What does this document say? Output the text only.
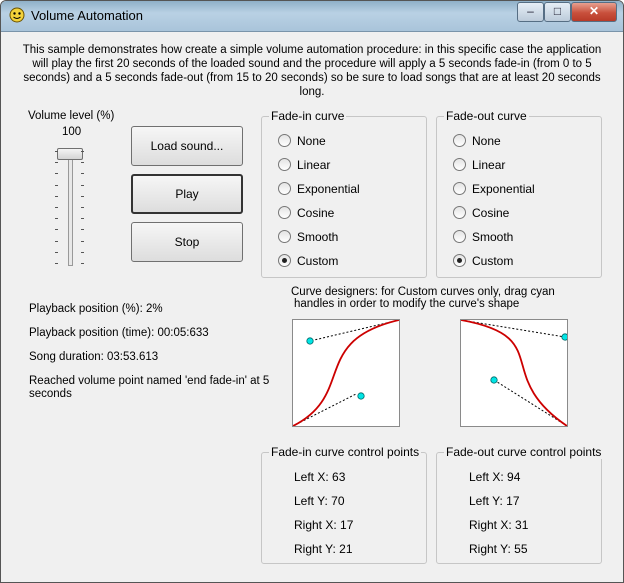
Volume Automation	–	□	✕
This sample demonstrates how create a simple volume automation procedure: in this specific case the application will play the first 20 seconds of the loaded sound and the procedure will apply a 5 seconds fade-in (from 0 to 5 seconds) and a 5 seconds fade-out (from 15 to 20 seconds) so be sure to load songs that are at least 20 seconds long.
Volume level (%)
100
Load sound...
Play
Stop
Fade-in curve
None
Linear
Exponential
Cosine
Smooth
Custom
Fade-out curve
None
Linear
Exponential
Cosine
Smooth
Custom
Playback position (%): 2%
Playback position (time): 00:05:633
Song duration: 03:53.613
Reached volume point named 'end fade-in' at 5
seconds
Curve designers: for Custom curves only, drag cyan
handles in order to modify the curve's shape
Fade-in curve control points
Left X: 63
Left Y: 70
Right X: 17
Right Y: 21
Fade-out curve control points
Left X: 94
Left Y: 17
Right X: 31
Right Y: 55
